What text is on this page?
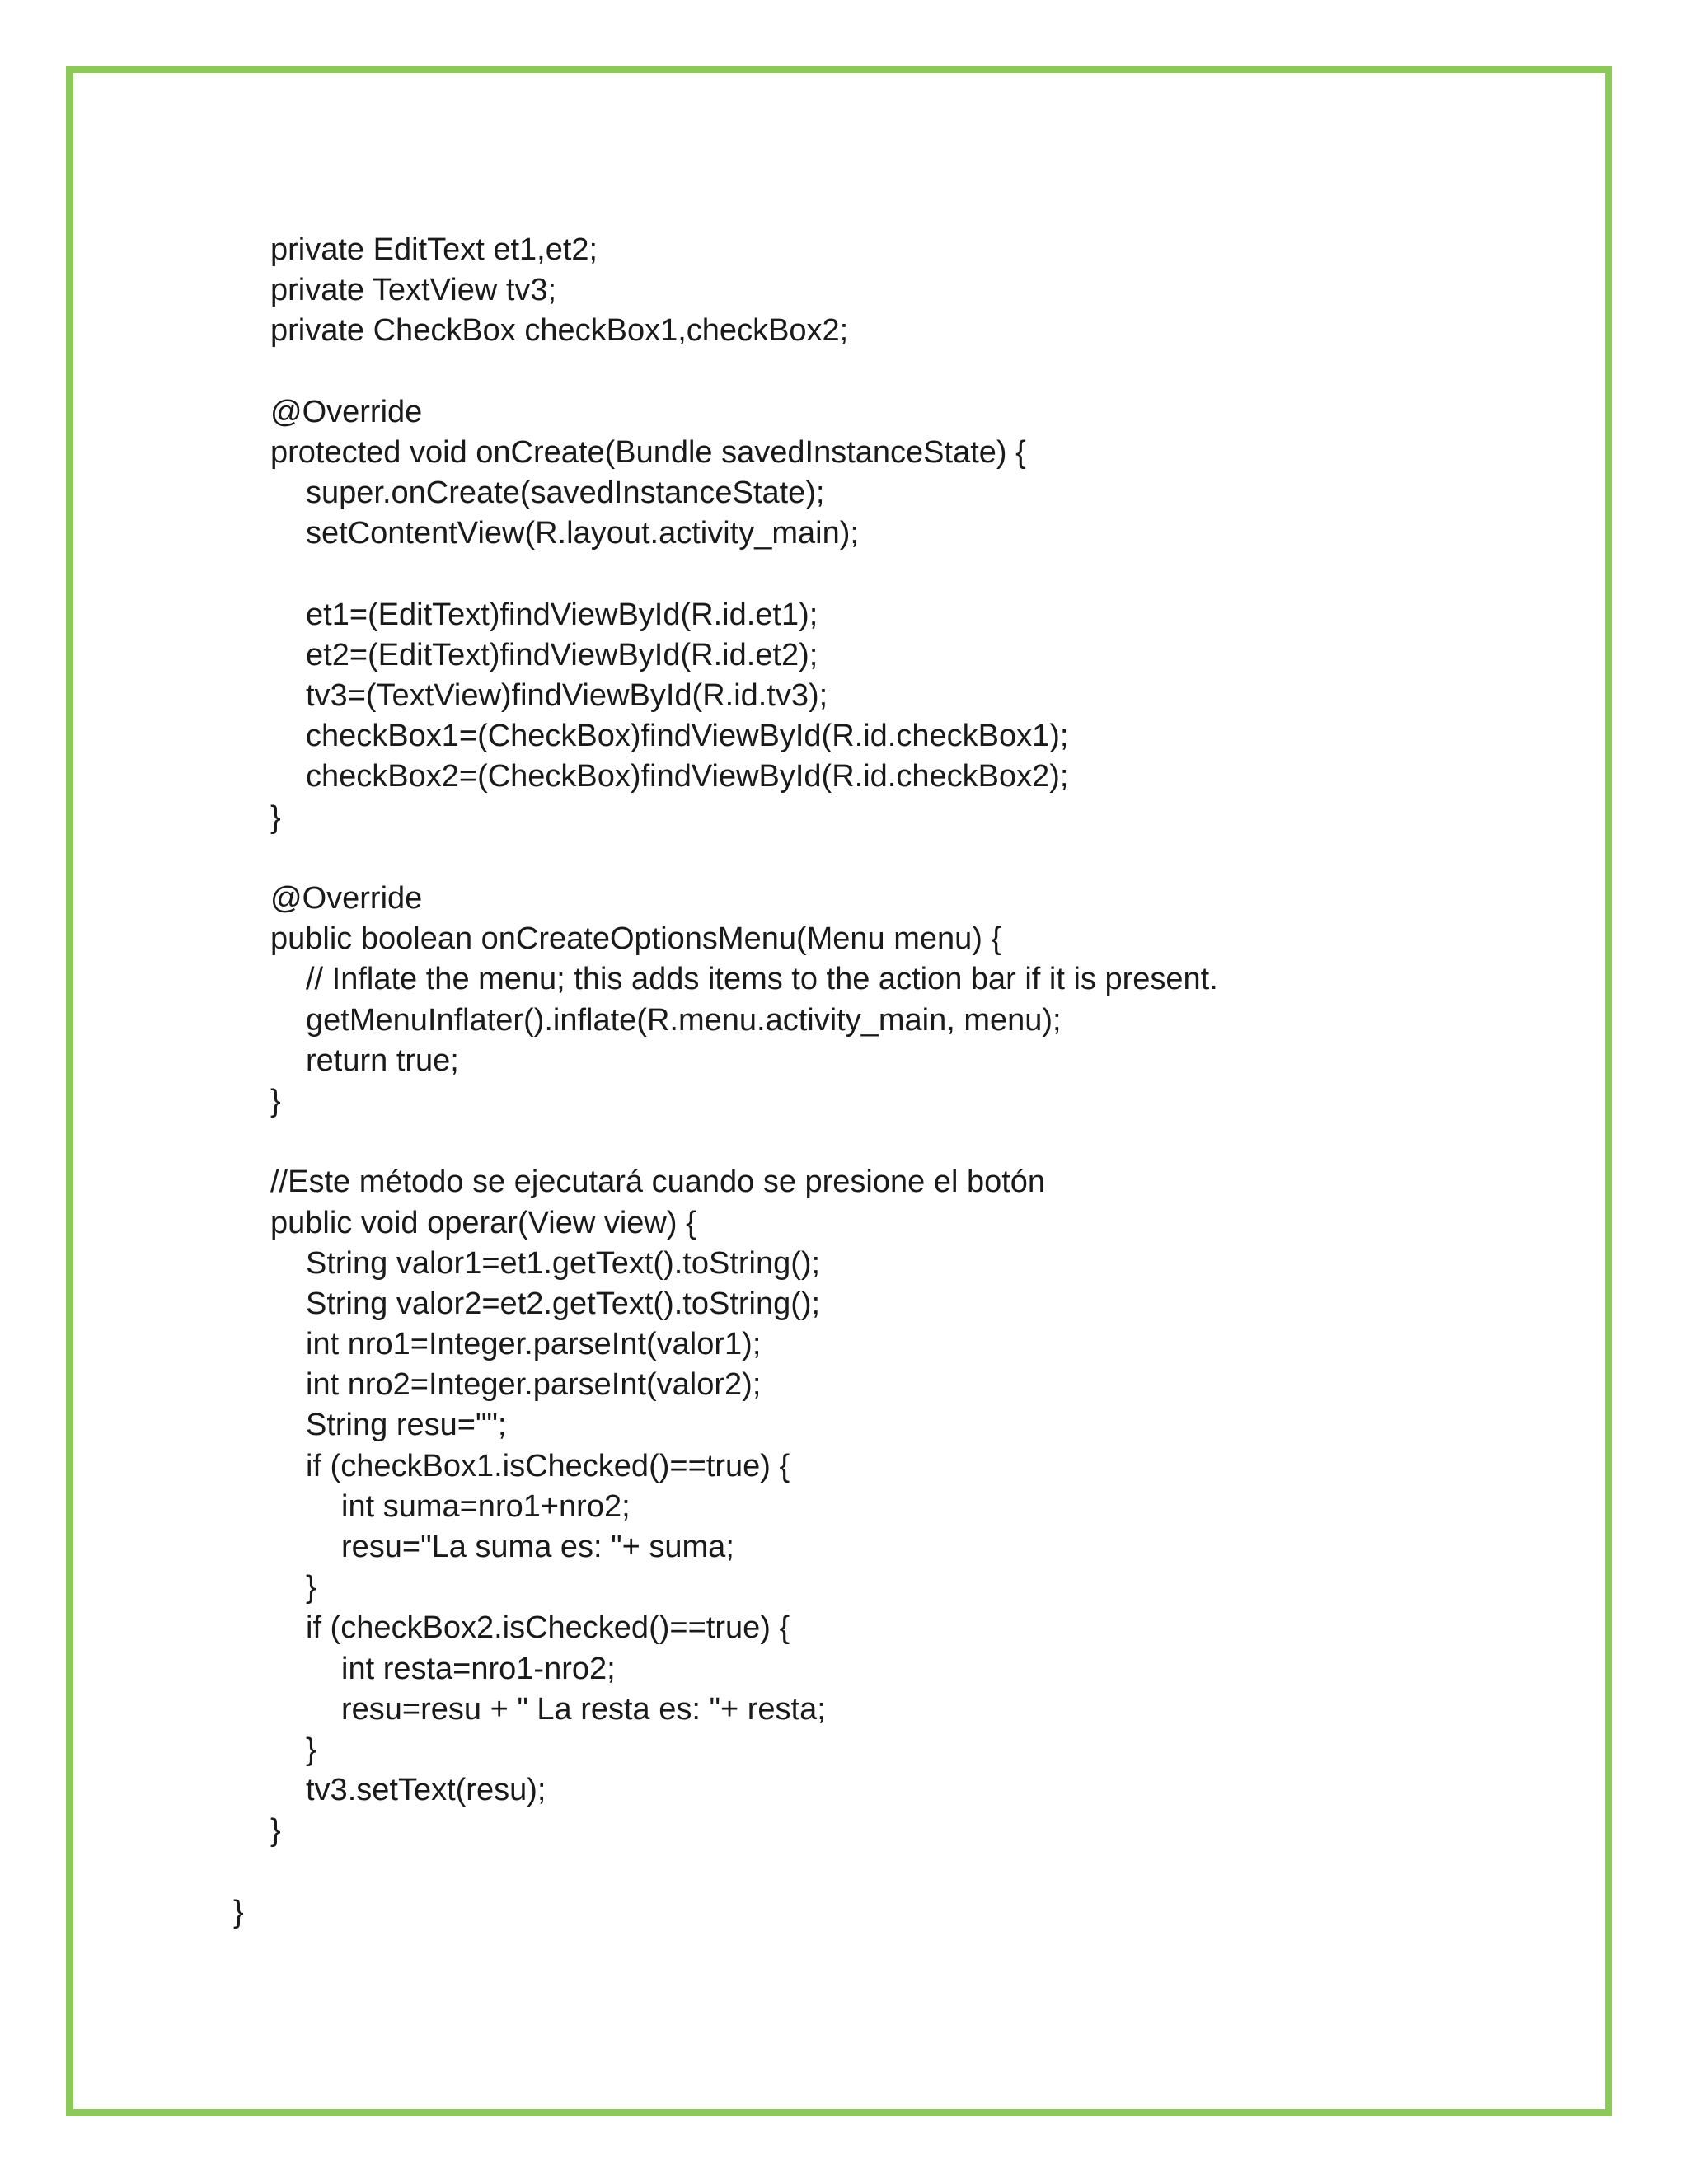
private EditText et1,et2;
private TextView tv3;
private CheckBox checkBox1,checkBox2;
@Override
protected void onCreate(Bundle savedInstanceState) {
super.onCreate(savedInstanceState);
setContentView(R.layout.activity_main);
et1=(EditText)findViewById(R.id.et1);
et2=(EditText)findViewById(R.id.et2);
tv3=(TextView)findViewById(R.id.tv3);
checkBox1=(CheckBox)findViewById(R.id.checkBox1);
checkBox2=(CheckBox)findViewById(R.id.checkBox2);
}
@Override
public boolean onCreateOptionsMenu(Menu menu) {
// Inflate the menu; this adds items to the action bar if it is present.
getMenuInflater().inflate(R.menu.activity_main, menu);
return true;
}
//Este método se ejecutará cuando se presione el botón
public void operar(View view) {
String valor1=et1.getText().toString();
String valor2=et2.getText().toString();
int nro1=Integer.parseInt(valor1);
int nro2=Integer.parseInt(valor2);
String resu="";
if (checkBox1.isChecked()==true) {
int suma=nro1+nro2;
resu="La suma es: "+ suma;
}
if (checkBox2.isChecked()==true) {
int resta=nro1-nro2;
resu=resu + " La resta es: "+ resta;
}
tv3.setText(resu);
}
}
